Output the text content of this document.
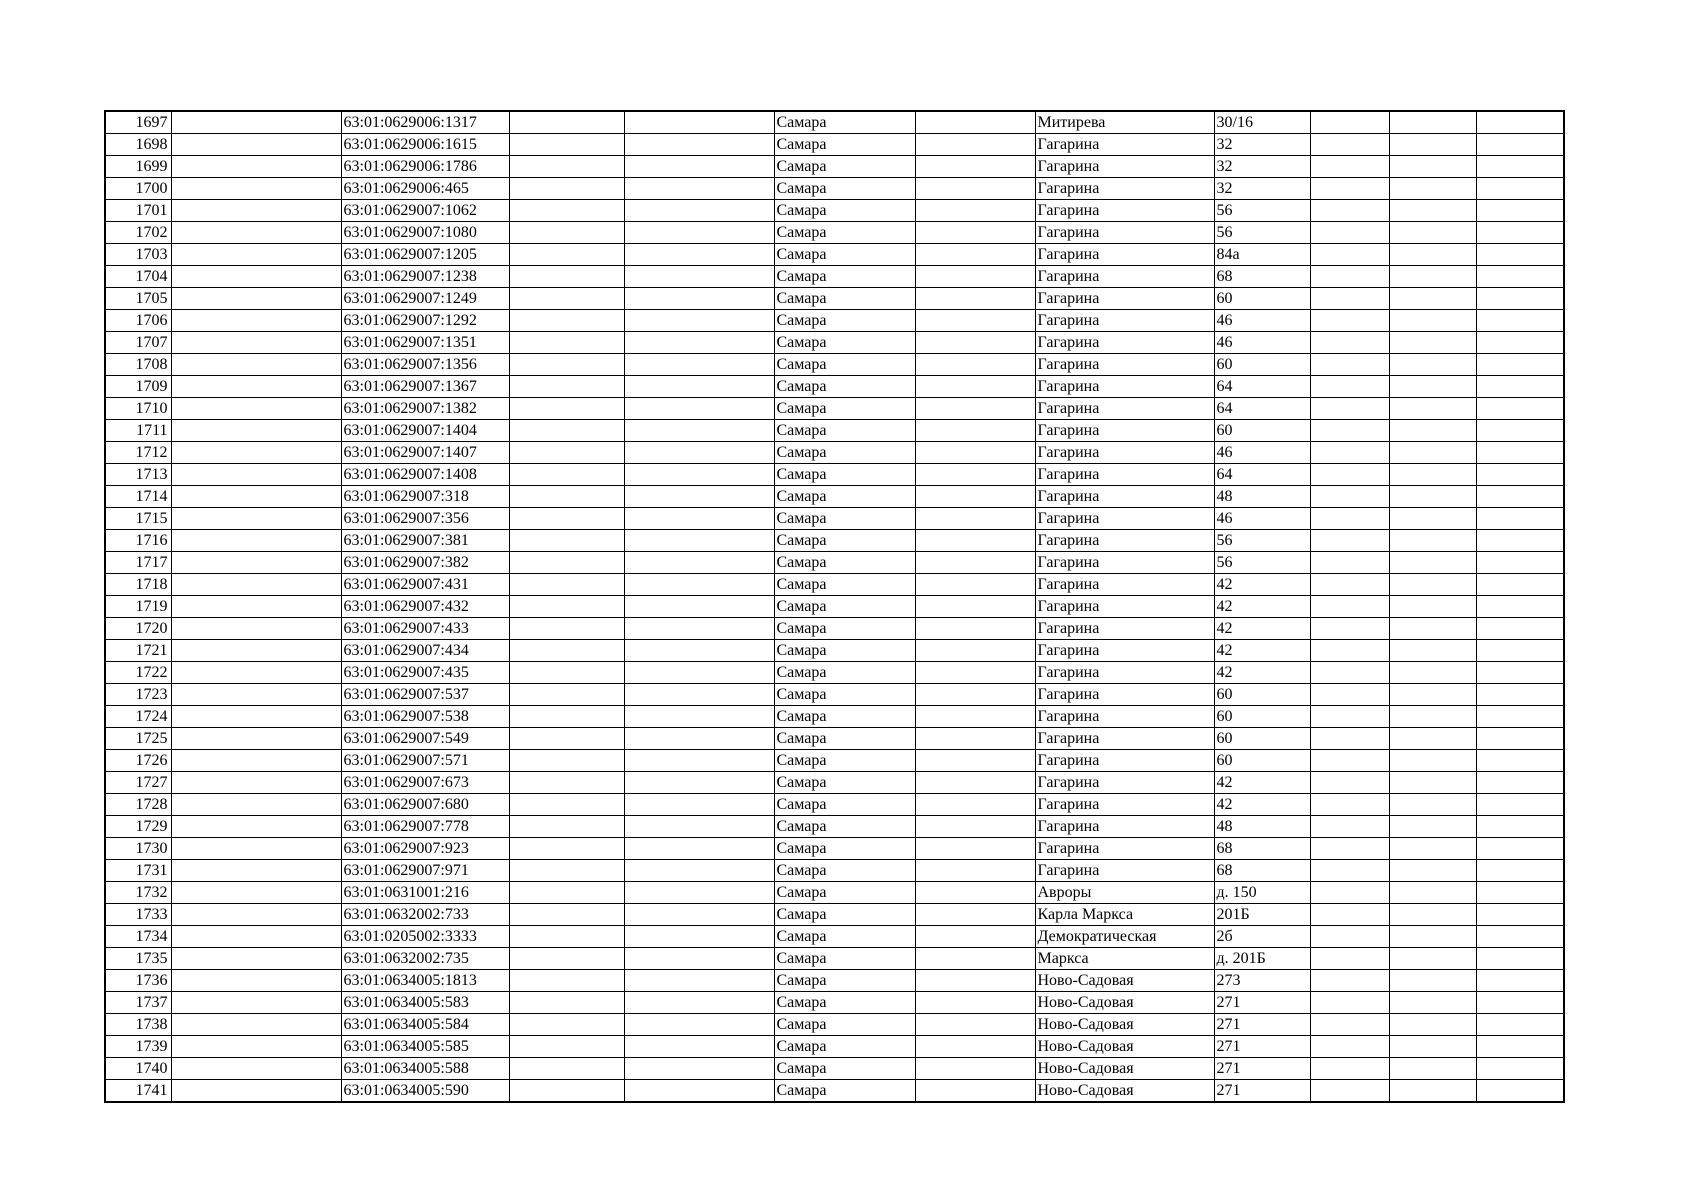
1697		63:01:0629006:1317			Самара		Митирева	30/16			
1698		63:01:0629006:1615			Самара		Гагарина	32			
1699		63:01:0629006:1786			Самара		Гагарина	32			
1700		63:01:0629006:465			Самара		Гагарина	32			
1701		63:01:0629007:1062			Самара		Гагарина	56			
1702		63:01:0629007:1080			Самара		Гагарина	56			
1703		63:01:0629007:1205			Самара		Гагарина	84а			
1704		63:01:0629007:1238			Самара		Гагарина	68			
1705		63:01:0629007:1249			Самара		Гагарина	60			
1706		63:01:0629007:1292			Самара		Гагарина	46			
1707		63:01:0629007:1351			Самара		Гагарина	46			
1708		63:01:0629007:1356			Самара		Гагарина	60			
1709		63:01:0629007:1367			Самара		Гагарина	64			
1710		63:01:0629007:1382			Самара		Гагарина	64			
1711		63:01:0629007:1404			Самара		Гагарина	60			
1712		63:01:0629007:1407			Самара		Гагарина	46			
1713		63:01:0629007:1408			Самара		Гагарина	64			
1714		63:01:0629007:318			Самара		Гагарина	48			
1715		63:01:0629007:356			Самара		Гагарина	46			
1716		63:01:0629007:381			Самара		Гагарина	56			
1717		63:01:0629007:382			Самара		Гагарина	56			
1718		63:01:0629007:431			Самара		Гагарина	42			
1719		63:01:0629007:432			Самара		Гагарина	42			
1720		63:01:0629007:433			Самара		Гагарина	42			
1721		63:01:0629007:434			Самара		Гагарина	42			
1722		63:01:0629007:435			Самара		Гагарина	42			
1723		63:01:0629007:537			Самара		Гагарина	60			
1724		63:01:0629007:538			Самара		Гагарина	60			
1725		63:01:0629007:549			Самара		Гагарина	60			
1726		63:01:0629007:571			Самара		Гагарина	60			
1727		63:01:0629007:673			Самара		Гагарина	42			
1728		63:01:0629007:680			Самара		Гагарина	42			
1729		63:01:0629007:778			Самара		Гагарина	48			
1730		63:01:0629007:923			Самара		Гагарина	68			
1731		63:01:0629007:971			Самара		Гагарина	68			
1732		63:01:0631001:216			Самара		Авроры	д. 150			
1733		63:01:0632002:733			Самара		Карла Маркса	201Б			
1734		63:01:0205002:3333			Самара		Демократическая	2б			
1735		63:01:0632002:735			Самара		Маркса	д. 201Б			
1736		63:01:0634005:1813			Самара		Ново-Садовая	273			
1737		63:01:0634005:583			Самара		Ново-Садовая	271			
1738		63:01:0634005:584			Самара		Ново-Садовая	271			
1739		63:01:0634005:585			Самара		Ново-Садовая	271			
1740		63:01:0634005:588			Самара		Ново-Садовая	271			
1741		63:01:0634005:590			Самара		Ново-Садовая	271			
